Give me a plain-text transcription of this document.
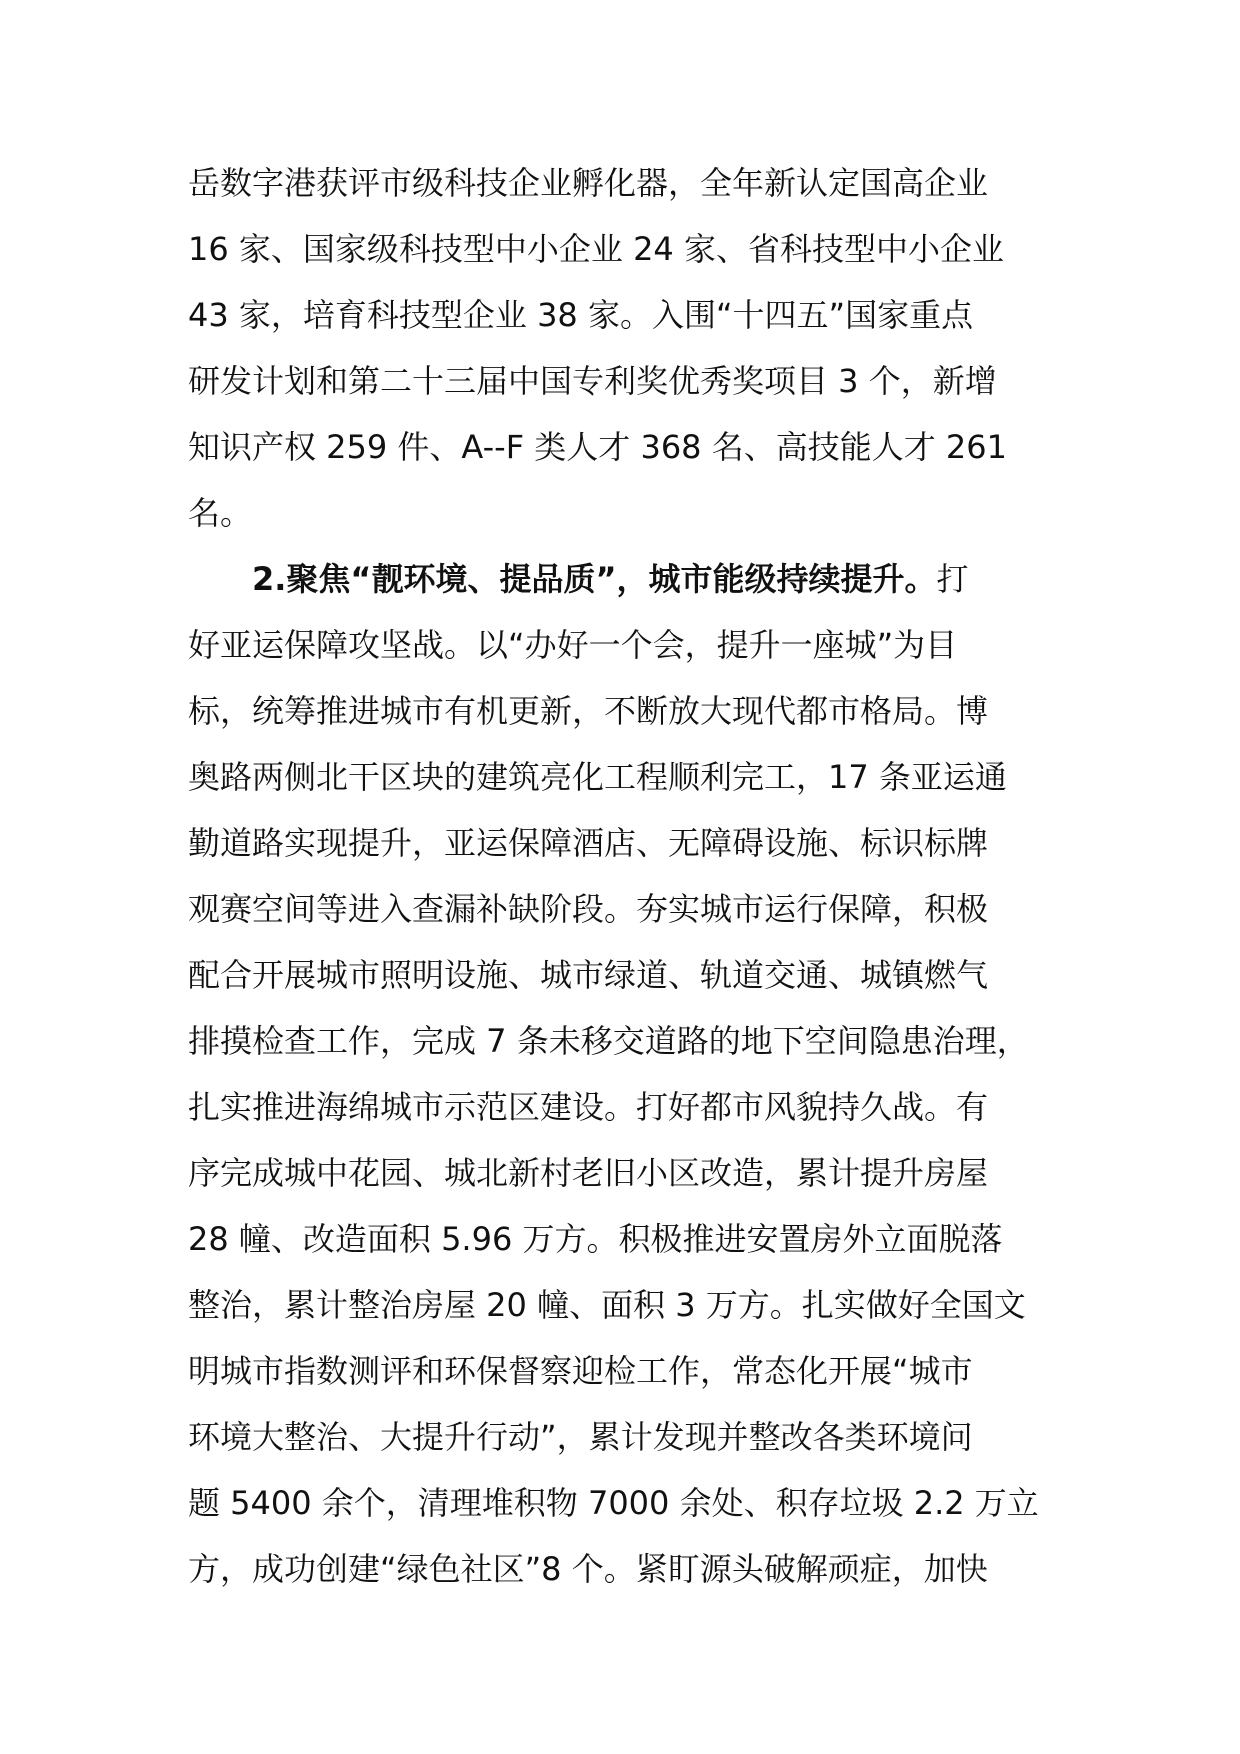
岳数字港获评市级科技企业孵化器，全年新认定国高企业
16 家、国家级科技型中小企业 24 家、省科技型中小企业
43 家，培育科技型企业 38 家。入围“十四五”国家重点
研发计划和第二十三届中国专利奖优秀奖项目 3 个，新增
知识产权 259 件、A--F 类人才 368 名、高技能人才 261
名。
2.聚焦“靓环境、提品质”，城市能级持续提升。打
好亚运保障攻坚战。以“办好一个会，提升一座城”为目
标，统筹推进城市有机更新，不断放大现代都市格局。博
奥路两侧北干区块的建筑亮化工程顺利完工，17 条亚运通
勤道路实现提升，亚运保障酒店、无障碍设施、标识标牌
观赛空间等进入查漏补缺阶段。夯实城市运行保障，积极
配合开展城市照明设施、城市绿道、轨道交通、城镇燃气
排摸检查工作，完成 7 条未移交道路的地下空间隐患治理，
扎实推进海绵城市示范区建设。打好都市风貌持久战。有
序完成城中花园、城北新村老旧小区改造，累计提升房屋
28 幢、改造面积 5.96 万方。积极推进安置房外立面脱落
整治，累计整治房屋 20 幢、面积 3 万方。扎实做好全国文
明城市指数测评和环保督察迎检工作，常态化开展“城市
环境大整治、大提升行动”，累计发现并整改各类环境问
题 5400 余个，清理堆积物 7000 余处、积存垃圾 2.2 万立
方，成功创建“绿色社区”8 个。紧盯源头破解顽症，加快
